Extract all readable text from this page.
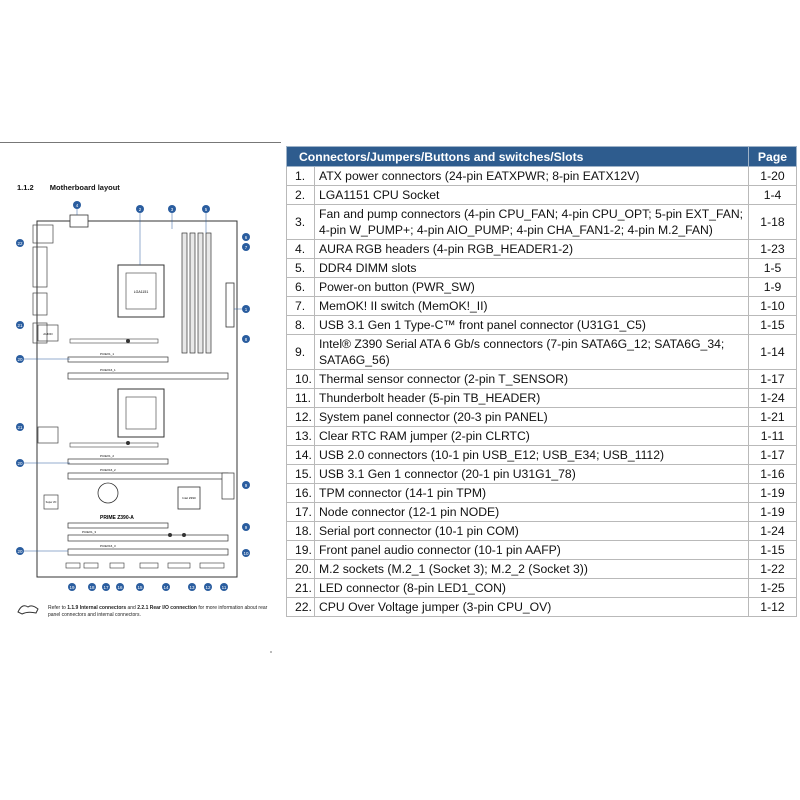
1.1.2 Motherboard layout
LGA1151
AUDIO
PCIEX1_1
PCIEX16_1
PCIEX1_2
PCIEX16_2
Intel Z390
Super I/O
PRIME Z390-A
PCIEX1_3
PCIEX16_3
4
2	3	5
6
7
1
8
9
9
10
19	18 17 16	15	14	13 12 11
22
21
20
21
20
20
Refer to 1.1.9 Internal connectors and 2.2.1 Rear I/O connection for more information about rear panel connectors and internal connectors.
Connectors/Jumpers/Buttons and switches/Slots		Page
1.	ATX power connectors (24-pin EATXPWR; 8-pin EATX12V)	1-20
2.	LGA1151 CPU Socket	1-4
3.	Fan and pump connectors (4-pin CPU_FAN; 4-pin CPU_OPT; 5-pin EXT_FAN; 4-pin W_PUMP+; 4-pin AIO_PUMP; 4-pin CHA_FAN1-2; 4-pin M.2_FAN)	1-18
4.	AURA RGB headers (4-pin RGB_HEADER1-2)	1-23
5.	DDR4 DIMM slots	1-5
6.	Power-on button (PWR_SW)	1-9
7.	MemOK! II switch (MemOK!_II)	1-10
8.	USB 3.1 Gen 1 Type-C™ front panel connector (U31G1_C5)	1-15
9.	Intel® Z390 Serial ATA 6 Gb/s connectors (7-pin SATA6G_12; SATA6G_34; SATA6G_56)	1-14
10.	Thermal sensor connector (2-pin T_SENSOR)	1-17
11.	Thunderbolt header (5-pin TB_HEADER)	1-24
12.	System panel connector (20-3 pin PANEL)	1-21
13.	Clear RTC RAM jumper (2-pin CLRTC)	1-11
14.	USB 2.0 connectors (10-1 pin USB_E12; USB_E34; USB_1112)	1-17
15.	USB 3.1 Gen 1 connector (20-1 pin U31G1_78)	1-16
16.	TPM connector (14-1 pin TPM)	1-19
17.	Node connector (12-1 pin NODE)	1-19
18.	Serial port connector (10-1 pin COM)	1-24
19.	Front panel audio connector (10-1 pin AAFP)	1-15
20.	M.2 sockets (M.2_1 (Socket 3); M.2_2 (Socket 3))	1-22
21.	LED connector (8-pin LED1_CON)	1-25
22.	CPU Over Voltage jumper (3-pin CPU_OV)	1-12
